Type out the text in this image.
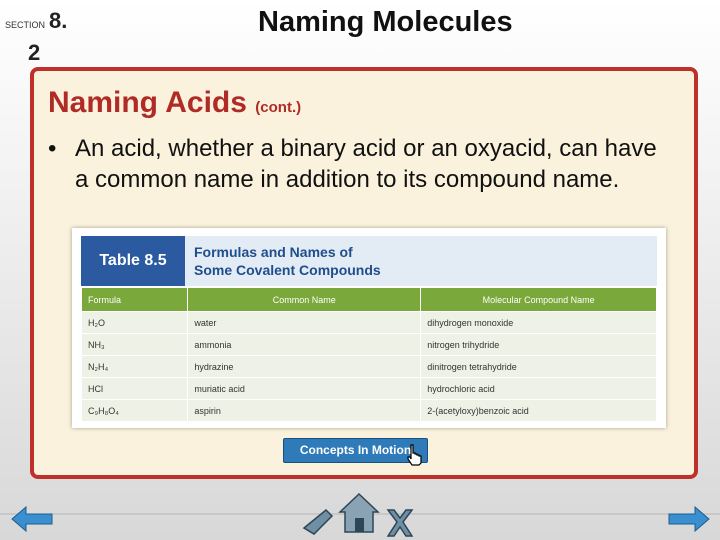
SECTION 8.
2
Naming Molecules
Naming Acids (cont.)
• An acid, whether a binary acid or an oxyacid, can have a common name in addition to its compound name.
Table 8.5	Formulas and Names of
Some Covalent Compounds
Formula	Common Name	Molecular Compound Name
H₂O	water	dihydrogen monoxide
NH₃	ammonia	nitrogen trihydride
N₂H₄	hydrazine	dinitrogen tetrahydride
HCl	muriatic acid	hydrochloric acid
C₉H₈O₄	aspirin	2-(acetyloxy)benzoic acid
Concepts In Motion
